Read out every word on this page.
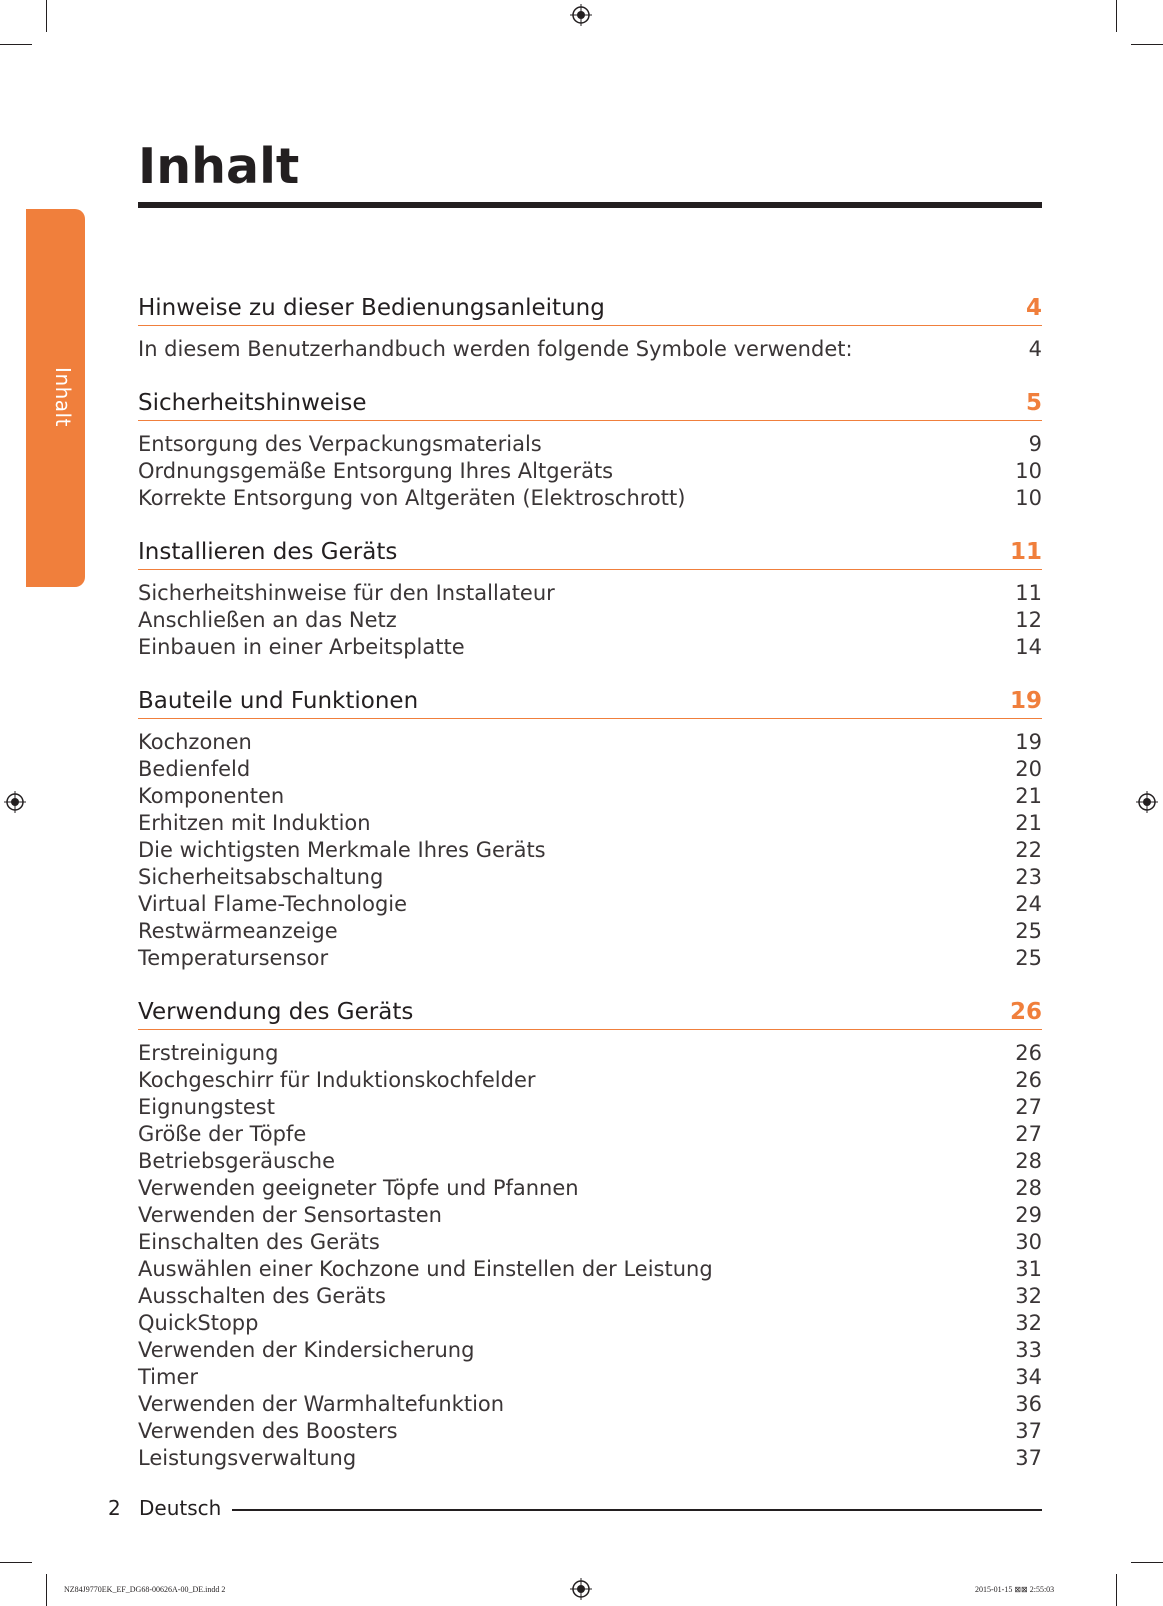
Inhalt
Inhalt
Hinweise zu dieser Bedienungsanleitung	4
In diesem Benutzerhandbuch werden folgende Symbole verwendet:	4
Sicherheitshinweise	5
Entsorgung des Verpackungsmaterials	9
Ordnungsgemäße Entsorgung Ihres Altgeräts	10
Korrekte Entsorgung von Altgeräten (Elektroschrott)	10
Installieren des Geräts	11
Sicherheitshinweise für den Installateur	11
Anschließen an das Netz	12
Einbauen in einer Arbeitsplatte	14
Bauteile und Funktionen	19
Kochzonen	19
Bedienfeld	20
Komponenten	21
Erhitzen mit Induktion	21
Die wichtigsten Merkmale Ihres Geräts	22
Sicherheitsabschaltung	23
Virtual Flame-Technologie	24
Restwärmeanzeige	25
Temperatursensor	25
Verwendung des Geräts	26
Erstreinigung	26
Kochgeschirr für Induktionskochfelder	26
Eignungstest	27
Größe der Töpfe	27
Betriebsgeräusche	28
Verwenden geeigneter Töpfe und Pfannen	28
Verwenden der Sensortasten	29
Einschalten des Geräts	30
Auswählen einer Kochzone und Einstellen der Leistung	31
Ausschalten des Geräts	32
QuickStopp	32
Verwenden der Kindersicherung	33
Timer	34
Verwenden der Warmhaltefunktion	36
Verwenden des Boosters	37
Leistungsverwaltung	37
2 Deutsch
NZ84J9770EK_EF_DG68-00626A-00_DE.indd 2	2015-01-15 ⊠⊠ 2:55:03
